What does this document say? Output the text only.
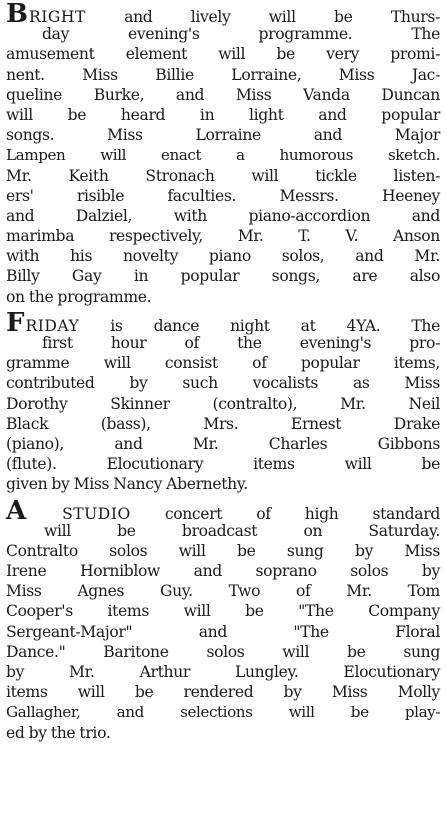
BRIGHT and lively will be Thurs-
day evening's programme. The
amusement element will be very promi-
nent. Miss Billie Lorraine, Miss Jac-
queline Burke, and Miss Vanda Duncan
will be heard in light and popular
songs. Miss Lorraine and Major
Lampen will enact a humorous sketch.
Mr. Keith Stronach will tickle listen-
ers' risible faculties. Messrs. Heeney
and Dalziel, with piano-accordion and
marimba respectively, Mr. T. V. Anson
with his novelty piano solos, and Mr.
Billy Gay in popular songs, are also
on the programme.
FRIDAY is dance night at 4YA. The
first hour of the evening's pro-
gramme will consist of popular items,
contributed by such vocalists as Miss
Dorothy Skinner (contralto), Mr. Neil
Black (bass), Mrs. Ernest Drake
(piano), and Mr. Charles Gibbons
(flute). Elocutionary items will be
given by Miss Nancy Abernethy.
A STUDIO concert of high standard
will be broadcast on Saturday.
Contralto solos will be sung by Miss
Irene Horniblow and soprano solos by
Miss Agnes Guy. Two of Mr. Tom
Cooper's items will be "The Company
Sergeant-Major" and "The Floral
Dance." Baritone solos will be sung
by Mr. Arthur Lungley. Elocutionary
items will be rendered by Miss Molly
Gallagher, and selections will be play-
ed by the trio.
